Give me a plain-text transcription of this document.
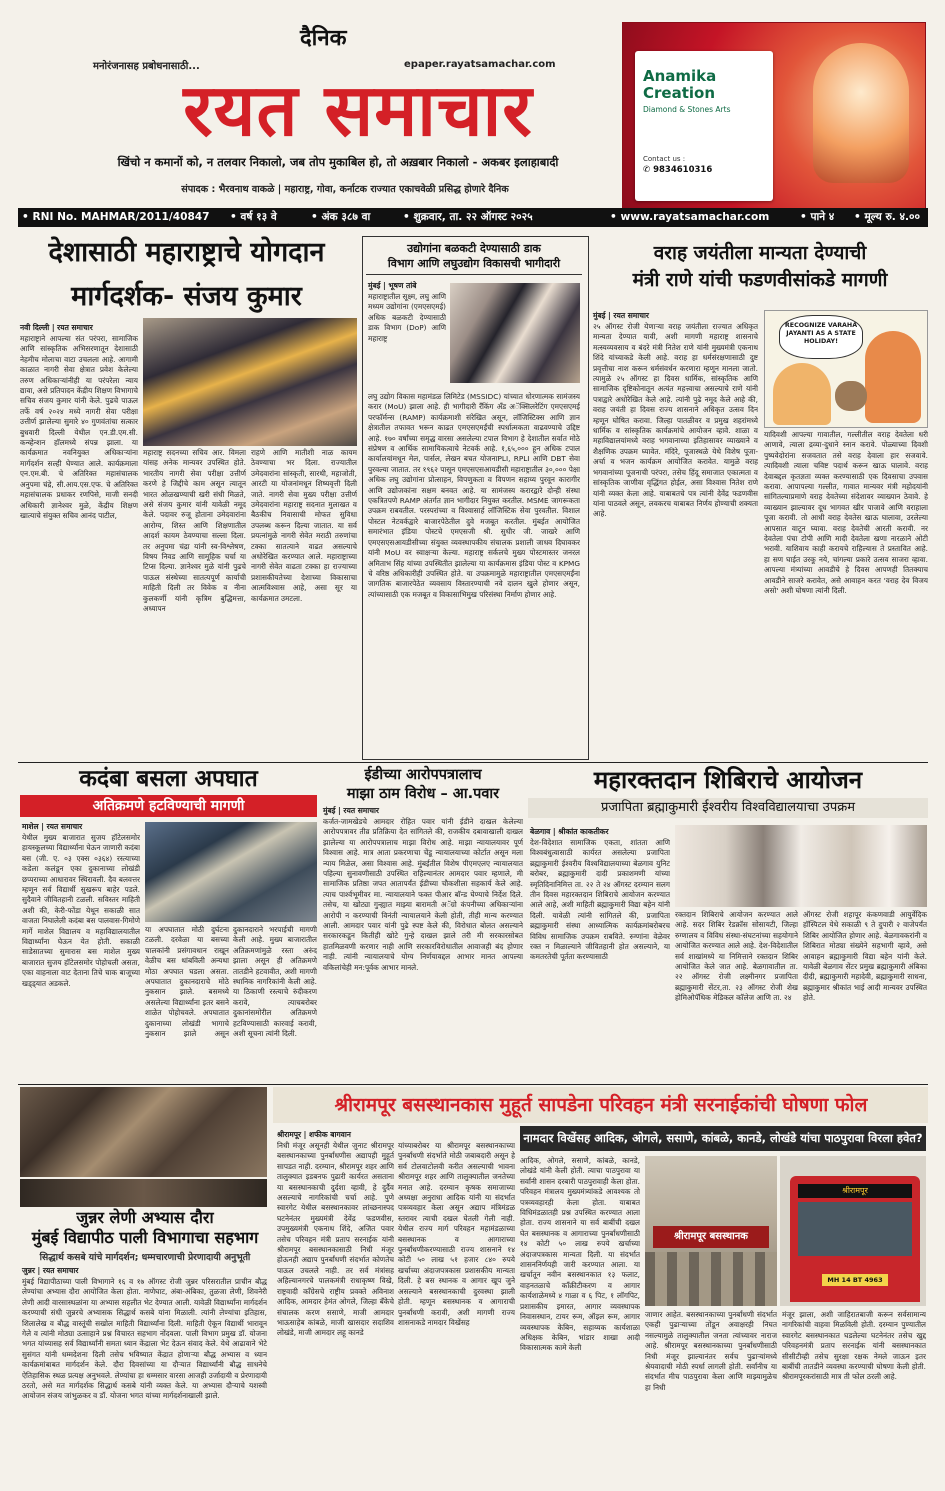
दैनिक
मनोरंजनासह प्रबोधनासाठी...	epaper.rayatsamachar.com
रयत समाचार
खिंचो न कमानों को, न तलवार निकालो, जब तोप मुकाबिल हो, तो अख़बार निकालो - अकबर इलाहाबादी
संपादक : भैरवनाथ वाकळे | महाराष्ट्र, गोवा, कर्नाटक राज्यात एकाचवेळी प्रसिद्ध होणारे दैनिक
Anamika Creation
Diamond & Stones Arts
Contact us :
✆ 9834610316
• RNI No. MAHMAR/2011/40847 • वर्ष १३ वे	• अंक ३८७ वा	• शुक्रवार, ता. २२ ऑगस्ट २०२५	• www.rayatsamachar.com	• पाने ४ • मूल्य रु. ४.००
देशासाठी महाराष्ट्राचे योगदान
मार्गदर्शक- संजय कुमार
नवी दिल्ली | रयत समाचार
महाराष्ट्राने आपल्या संत परंपरा, सामाजिक आणि सांस्कृतिक अभिसरणातून देशासाठी नेहमीच मोलाचा वाटा उचलला आहे. आगामी काळात नागरी सेवा क्षेत्रात प्रवेश केलेल्या तरुण अधिकाऱ्यांनीही या परंपरेला न्याय द्यावा, असे प्रतिपादन केंद्रीय शिक्षण विभागाचे सचिव संजय कुमार यांनी केले. पुढचे पाऊल तर्फे वर्ष २०२४ मध्ये नागरी सेवा परीक्षा उत्तीर्ण झालेल्या सुमारे ४० गुणवंतांचा सत्कार बुधवारी दिल्ली येथील एन.डी.एम.सी. कन्व्हेन्शन हॉलमध्ये संपन्न झाला. या कार्यक्रमात नवनियुक्त अधिकाऱ्यांना मार्गदर्शन सल्ही घेण्यात आले. कार्यक्रमाला एन.एम.बी. चे अतिरिक्त महासंचालक अनुपमा चंद्रे, सी.आय.एस.एफ. चे अतिरिक्त महासंचालक प्रधाकर रणपिसे, माजी सनदी अधिकारी ज्ञानेश्वर मुळे, केंद्रीय शिक्षण खात्याचे संयुक्त सचिव आनंद पाटील,
महाराष्ट्र सदनच्या सचिव आर. विमला यांसह अनेक मान्यवर उपस्थित होते. भारतीय नागरी सेवा परीक्षा उत्तीर्ण करणे हे जिद्दीचे काम असून त्यातून भारत ओळखण्याची खरी संधी मिळते, असे संजय कुमार यांनी यावेळी नमूद केले. पदावर रुजू होताना उमेदवारांना आरोग्य, शिस्त आणि शिक्षणातील आदर्श कायम ठेवण्याचा सल्ला दिला. तर अनुपमा चंद्रा यांनी स्व-विश्लेषण, विषय निवड आणि सामूहिक चर्चा या टिप्स दिल्या. ज्ञानेश्वर मुळे यांनी पुढचे पाऊल संस्थेच्या सातत्यपूर्ण कार्याची माहिती दिली तर विवेक व नीना कुलकर्णी यांनी कृत्रिम बुद्धिमत्ता, अध्यापन
राहणे आणि मातीशी नाळ कायम ठेवण्याचा भर दिला. राज्यातील उमेदवारांना सांस्कृती, सारथी, महाजोती, आरटी या योजनांमधून शिष्यवृत्ती दिली जाते. नागरी सेवा मुख्य परीक्षा उत्तीर्ण उमेदवारांना महाराष्ट्र सदनात मुलाखत व बैठकीच निवासाची मोफत सुविधा उपलब्ध करून दिल्या जातात. या सर्व प्रयत्नांमुळे नागरी सेवेत मराठी तरुणांचा टक्का सातत्याने वाढत असल्याचे अधोरेखित करण्यात आले. महाराष्ट्राच्या नागरी सेवेत वाढता टक्का हा राज्याच्या प्रशासकीयतेच्या देशाच्या विकासाचा आत्मविश्वास आहे, असा सूर या कार्यक्रमात उमटला.
उद्योगांना बळकटी देण्यासाठी डाक
विभाग आणि लघुउद्योग विकासची भागीदारी
मुंबई | भूषण तांबे
महाराष्ट्रातील सूक्ष्म, लघु आणि मध्यम उद्योगांना (एमएसएमई) अधिक बळकटी देण्यासाठी डाक विभाग (DoP) आणि महाराष्ट्र
लघु उद्योग विकास महामंडळ लिमिटेड (MSSIDC) यांच्यात धोरणात्मक सामंजस्य करार (MoU) झाला आहे. ही भागीदारी रँकिंग अँड अॅक्सिलरेटिंग एमएसएमई परफॉर्मन्स (RAMP) कार्यक्रमाशी संरेखित असून, लॉजिस्टिक्स आणि ज्ञान क्षेत्रातील तफावत भरून काढत एमएसएमईंची स्पर्धात्मकता वाढवण्याचे उद्दिष्ट आहे. १७० वर्षांच्या समृद्ध वारसा असलेल्या टपाल विभाग हे देशातील सर्वात मोठे संप्रेषण व आर्थिक सामायिकत्वाचे नेटवर्क आहे. १,६५,००० हून अधिक टपाल कार्यालयांमधून मेल, पार्सल, लेखन बचत योजनाPLI, RPLI आणि DBT सेवा पुरवल्या जातात. तर १९६२ पासून एमएसएसआयडीसी महाराष्ट्रातील ३०,००० पेक्षा अधिक लघु उद्योगांना प्रोत्साहन, विपणुकता व विपणन सहाय्य पुरवून कारागीर आणि उद्योजकांना सक्षम बनवत आहे. या सामंजस्य करारद्वारे दोन्ही संस्था एकत्रितपणे RAMP अंतर्गत ज्ञान भागीदार नियुक्त करतील. MSME जागरूकता उपक्रम राबवतील. परस्परांच्या व विश्वासार्ह लॉजिस्टिक सेवा पुरवतील. विशाल पोस्टल नेटवर्कद्वारे बाजारपेठेतील दुवे मजबूत करतील. मुंबईत आयोजित समारंभात इंडिया पोस्टचे एमएसजी श्री. सुधीर जी. जाखरे आणि एमएसएसआयडीसीच्या संयुक्त व्यवस्थापकीय संचालक प्रशाली जाधव दिघावकर यांनी MoU वर स्वाक्षऱ्या केल्या. महाराष्ट्र सर्कलचे मुख्य पोस्टमास्तर जनरल अमिताभ सिंह यांच्या उपस्थितीत झालेल्या या कार्यक्रमास इंडिया पोस्ट व KPMG चे वरिष्ठ अधिकारीही उपस्थित होते. या उपक्रमामुळे महाराष्ट्रातील एमएसएमईंना जागतिक बाजारपेठेत व्यवसाय विस्तारण्याची नवे दालन खुले होणार असून, त्यांच्यासाठी एक मजबूत व विकासाभिमुख परिसंस्था निर्माण होणार आहे.
वराह जयंतीला मान्यता देण्याची
मंत्री राणे यांची फडणवीसांकडे मागणी
मुंबई | रयत समाचार
२५ ऑगस्ट रोजी येणाऱ्या वराह जयंतीला राज्यात अधिकृत मान्यता देण्यात यावी, अशी मागणी महाराष्ट्र शासनाचे मत्स्यव्यवसाय व बंदरे मंत्री नितेश राणे यांनी मुख्यमंत्री एकनाथ शिंदे यांच्याकडे केली आहे. वराह हा धर्मसंरक्षणासाठी दुष्ट प्रवृत्तीचा नाश करून धर्मसंवर्धन करणारा म्हणून मानला जातो. त्यामुळे २५ ऑगस्ट हा दिवस धार्मिक, सांस्कृतिक आणि सामाजिक दृष्टिकोनातून अत्यंत महत्त्वाचा असल्याचे राणे यांनी पत्राद्वारे अधोरेखित केले आहे. त्यांनी पुढे नमूद केले आहे की, वराह जयंती हा दिवस राज्य शासनाने अधिकृत उत्सव दिन म्हणून घोषित करावा. जिल्हा पातळीवर व प्रमुख शहरांमध्ये धार्मिक व सांस्कृतिक कार्यक्रमांचे आयोजन व्हावे. शाळा व महाविद्यालयांमध्ये वराह भगवानाच्या इतिहासावर व्याख्याने व शैक्षणिक उपक्रम घ्यावेत. मंदिरे, पूजास्थळे येथे विशेष पूजा-अर्चा व भजन कार्यक्रम आयोजित करावेत. यामुळे वराह भगवानांच्या पूजनाची परंपरा, तसेच हिंदू समाजात एकात्मता व सांस्कृतिक जाणीवा वृद्धिंगत होईल, असा विश्वास नितेश राणे यांनी व्यक्त केला आहे. याबाबतचे पत्र त्यांनी देवेंद्र फडणवीस यांना पाठवले असून, लवकरच याबाबत निर्णय होण्याची शक्यता आहे.
RECOGNIZE VARAHA JAYANTI AS A STATE HOLIDAY!
यादिवशी आपल्या गावातील, गल्लीतील वराह देवतेला धरी आणावे, त्याला द्रव्या-दुधाने स्नान करावे. पोळ्याच्या दिवशी पुष्पवेदोरांना सजवतात तसे वराह देवाला हार सजवावे. त्यादिवशी त्याला चविष्ट पदार्थ करून खाऊ घालावे. वराह देवाबद्दल कृतज्ञता व्यक्त करण्यासाठी एक दिवसाचा उपवास करावा. आपापल्या गल्लीत, गावात मान्यवर मंत्री महोदयांनी सांगितल्याप्रमाणे वराह देवतेच्या संदेशावर व्याख्यान ठेवावे. हे व्याख्यान झाल्यावर दूध भागवत खीर पाजावे आणि वराहाला पूजा करावी. तो आधी वराह देवतेस खाऊ घालावा, उरलेल्या आपसात वाटून घ्यावा. वराह देवतेची आरती करावी. नर देवतेला पंचा टोपी आणि मादी देवतेला खणा नारळाने ओटी भरावी. याशिवाय काही करायचे राहिल्यास ते प्रस्तावित आहे. हा सण घाईत उरकू नये, चांगल्या प्रकारे उत्सव साजरा व्हावा. आपल्या मंत्र्यांच्या आवडीचे हे दिवस आपणही तितक्याच आवडीने साजरे करावेत, असे आवाहन करत 'वराह देव विजय असो' अशी घोषणा त्यांनी दिली.
कदंबा बसला अपघात
अतिक्रमणे हटविण्याची मागणी
माशेल | रयत समाचार
येथील मुख्य बाजारात सुजय हॉटेलसमोर हायस्कूलच्या विद्यार्थ्यांना घेऊन जाणारी कदंबा बस (जी. ए. ०३ एक्स ०३६४) रस्त्याच्या कडेला कलंडून एका दुकानाच्या लोखंडी छप्पराच्या आधारावर स्थिरावली. दैव बलवत्तर म्हणून सर्व विद्यार्थी सुखरूप बाहेर पडले. सुदैवाने जीवितहानी टळली. सविस्तर माहिती अशी की, केरी-फोंडा येथून सकाळी सात वाजता निघालेली कदंबा बस पालवास-गिमोणे मार्गे माशेल विद्यालय व महाविद्यालयातील विद्यार्थ्यांना घेऊन येत होती. सकाळी साडेसातच्या सुमारास बस माशेल मुख्य बाजारात सुजय हॉटेलसमोर पोहोचली असता, एका वाहनाला वाट देताना तिचे चाक बाजूच्या खड्ड्यात अडकले.
या अपघातात मोठी दुर्घटना टळली. दरवेळा या बसच्या चालकांनी प्रसंगावधान राखून वेळीच बस थांबविली अन्यथा मोठा अपघात घडला असता. अपघातात दुकानदाराचे मोठे नुकसान झाले. बसमध्ये असलेल्या विद्यार्थ्यांना इतर बसने शाळेत पोहोचवले. अपघातात दुकानाच्या लोखंडी भागाचे नुकसान झाले असून दुकानदाराने भरपाईची मागणी केली आहे. मुख्य बाजारातील अतिक्रमणांमुळे रस्ता अरुंद झाला असून ही अतिक्रमणे तातडीने हटवावीत, अशी मागणी स्थानिक नागरिकांनी केली आहे. या ठिकाणी रस्त्याचे रुंदीकरण करावे, त्याचबरोबर दुकानांसमोरील अतिक्रमणे हटविण्यासाठी कारवाई करावी, अशी सूचना त्यांनी दिली.
ईडीच्या आरोपपत्रालाच
माझा ठाम विरोध – आ.पवार
मुंबई | रयत समाचार
कर्जत-जामखेडचे आमदार रोहित पवार यांनी ईडीने दाखल केलेल्या आरोपपत्रावर तीव्र प्रतिक्रिया देत सांगितले की, राजकीय दबावाखाली दाखल झालेल्या या आरोपपत्रालाच माझा विरोध आहे. माझा न्यायालयावर पूर्ण विश्वास आहे. मात्र आता प्रकरणाचा चेंडू न्यायालयाच्या कोर्टात असून मला न्याय मिळेल, असा विश्वास आहे. मुंबईतील विशेष पीएमएलए न्यायालयात पहिल्या सुनावणीसाठी उपस्थित राहिल्यानंतर आमदार पवार म्हणाले, मी सामाजिक प्रतिष्ठा जपत आतापर्यंत ईडीच्या चौकशीला सहकार्य केले आहे. त्याच पार्श्वभूमीवर मा. न्यायालयाने फक्त पीआर बॉन्ड घेण्याचे निर्देश दिले. तसेच, या खोट्या गुन्ह्यात माझ्या बारामती अॅग्रो कंपनीच्या अधिकाऱ्यांना आरोपी न करण्याची विनंती न्यायालयाने केली होती, तीही मान्य करण्यात आली. आमदार पवार यांनी पुढे स्पष्ट केले की, विरोधात बोलत असल्याने सरकारकडून कितीही खोटे गुन्हे दाखल झाले तरी मी सरकारसोबत हातमिळवणी करणार नाही आणि सरकारविरोधातील आवाजही बंद होणार नाही. त्यांनी न्यायालयाचे योग्य निर्णयावद्दल आभार मानत आपल्या वकिलांचेही मन:पूर्वक आभार मानले.
महारक्तदान शिबिराचे आयोजन
प्रजापिता ब्रह्माकुमारी ईश्वरीय विश्वविद्यालयाचा उपक्रम
बेळगाव | श्रीकांत काकतीकर
देश-विदेशात सामाजिक एकता, शांतता आणि विश्वबंधुत्वासाठी कार्यरत असलेल्या प्रजापिता ब्रह्माकुमारी ईश्वरीय विश्वविद्यालयाच्या बेळगाव युनिट बरोबर, ब्रह्माकुमारी दादी प्रकाशमणी यांच्या स्मृतिदिनानिमित्त ता. २२ ते २४ ऑगस्ट दरम्यान सलग तीन दिवस महारक्तदान शिबिराचे आयोजन करण्यात आले आहे, अशी माहिती ब्रह्माकुमारी विद्या बहेन यांनी दिली. यावेळी त्यांनी सांगितले की, प्रजापिता ब्रह्माकुमारी संस्था आध्यात्मिक कार्यक्रमांबरोबरच विविध सामाजिक उपक्रम राबविते. रुग्णांना वेळेवर रक्त न मिळाल्याने जीवितहानी होत असल्याने, या कमतरतेची पूर्तता करण्यासाठी
रक्तदान शिबिराचे आयोजन करण्यात आले आहे. सदर शिबिर रेडक्रॉस सोसायटी, जिल्हा रुग्णालय व विविध संस्था-संघटनांच्या सहयोगाने आयोजित करण्यात आले आहे. देश-विदेशातील सर्व शाखांमध्ये या निमित्ताने रक्तदान शिबिर आयोजित केले जात आहे. बेळगावातील ता. २२ ऑगस्ट रोजी लक्ष्मीनगर प्रजापिता ब्रह्माकुमारी सेंटर,ता. २३ ऑगस्ट रोजी शेख होमिओपॅथिक मेडिकल कॉलेज आणि ता. २४
ऑगस्ट रोजी शहापूर कंकणवाडी आयुर्वेदिक हॉस्पिटल येथे सकाळी ९ ते दुपारी २ वाजेपर्यंत शिबिर आयोजित होणार आहे. बेळगावकरांनी व शिबिरात मोठ्या संख्येने सहभागी व्हावे, असे आवाहन ब्रह्माकुमारी विद्या बहेन यांनी केले. यावेळी बेळगाव सेंटर प्रमुख ब्रह्माकुमारी अंबिका दीदी, ब्रह्माकुमारी महादेवी, ब्रह्माकुमारी साधना, ब्रह्माकुमार श्रीकांत भाई आदी मान्यवर उपस्थित होते.
जुन्नर लेणी अभ्यास दौरा
मुंबई विद्यापीठ पाली विभागाचा सहभाग
सिद्धार्थ कसबे यांचे मार्गदर्शन; धम्मचारणाची प्रेरणादायी अनुभूती
जुन्नर | रयत समाचार
मुंबई विद्यापीठाच्या पाली विभागाने १६ व १७ ऑगस्ट रोजी जुन्नर परिसरातील प्राचीन बौद्ध लेण्यांचा अभ्यास दौरा आयोजित केला होता. नाणेघाट, अंबा-अंबिका, तुळजा लेणी, शिवनेरी लेणी आदी वारसास्थळांना या अभ्यास सहलीत भेट देण्यात आली. यावेळी विद्यार्थ्यांना मार्गदर्शन करण्याची संधी जुन्नरचे अभ्यासक सिद्धार्थ कसबे यांना मिळाली. त्यांनी लेण्यांचा इतिहास, शिलालेख व बौद्ध वास्तूंची सखोल माहिती विद्यार्थ्यांना दिली. माहिती ऐकून विद्यार्थी भारावून गेले व त्यांनी मोठ्या उत्साहाने प्रश्न विचारत सहभाग नोंदवला. पाली विभाग प्रमुख डॉ. योजना भगत यांच्यासह सर्व विद्यार्थ्यांनी समता ध्यान केंद्राला भेट देऊन संवाद केले. येथे आढावाने भेटे सुसंगत यांनी धम्मदेशना दिली तसेच भविष्यात केंद्रात होणाऱ्या बौद्ध अभ्यास व ध्यान कार्यक्रमांबाबत मार्गदर्शन केले. दौरा दिवसांच्या या दौऱ्यात विद्यार्थ्यांनी बौद्ध साधनेचे ऐतिहासिक स्थळ प्रत्यक्ष अनुभवले. लेण्यांचा हा धम्मसार वारसा आजही उर्जादायी व प्रेरणादायी ठरतो, असे मत मार्गदर्शक सिद्धार्थ कसबे यांनी व्यक्त केले. या अभ्यास दौऱ्याचे यशस्वी आयोजन संजय जांभुळकर व डॉ. योजना भगत यांच्या मार्गदर्शनाखाली झाले.
श्रीरामपूर बसस्थानकास मुहूर्त सापडेना परिवहन मंत्री सरनाईकांची घोषणा फोल
श्रीरामपूर | शफीक बागवान
निधी मंजूर असूनही येथील जुनाट श्रीरामपूर बसस्थानकाच्या पुनर्बांधणीस अद्यापही मुहूर्त सापडत नाही. दरम्यान, श्रीरामपूर शहर आणि तालुक्यात इडबनफ पुढारी कार्यरत असताना या बसस्थानकाची दुर्दशा व्हावी, हे दुर्दैव असल्याचे नागरिकांची चर्चा आहे. पुणे स्वारगेट येथील बसस्थानकावर लांच्छनास्पद घटनेनंतर मुख्यमंत्री देवेंद्र फडणवीस, उपमुख्यमंत्री एकनाथ शिंदे, अजित पवार तसेच परिवहन मंत्री प्रताप सरनाईक यांनी श्रीरामपूर बसस्थानकासाठी निधी मंजूर होऊनही अद्याप पुनर्बांधणी संदर्भात कोणतेच पाऊल उचलले नाही. तर सर्व मंत्रांसह अहिल्यानगरचे पालकमंत्री राधाकृष्ण विखे, राष्ट्रवादी काँग्रेसचे राष्ट्रीय प्रवक्ते अविनाश आदिक, आमदार हेमंत ओगले, जिल्हा बँकेचे संचालक करण ससाणे, माजी आमदार भाऊसाहेब कांबळे, माजी खासदार सदाशिव लोखंडे, माजी आमदार लहू कानडे
यांच्याबरोबर या श्रीरामपूर बसस्थानकाच्या पुनर्बांधणी संदर्भाते मोठी जबाबदारी असून हे सर्व टोलवाटोलवी करीत असल्याची भावना श्रीरामपूर शहर आणि तालुक्यातील जनतेच्या मनात आहे. दरम्यान कृषक समाजाच्या अध्यक्षा अनुराधा आदिक यांनी या संदर्भात पत्रव्यवहार केला असून अद्याप मंत्रिमंडळ स्तरावर त्याची दखल घेतली गेली नाही. येथील राज्य मार्ग परिवहन महामंडळाच्या बसस्थानक व आगाराच्या पुनर्बांधणीकरण्यासाठी राज्य शासनाने १४ कोटी ५० लाख ५१ हजार ८४० रुपये खर्चाच्या अंदाजपत्रकास प्रशासकीय मान्यता दिली. हे बस स्थानक व आगार खूप जुने असल्याने बसस्थानकाची दुरवस्था झाली होती. म्हणून बसस्थानक व आगाराची पुनर्बांधणी करावी, अशी मागणी राज्य शासनाकडे नामदार विखेंसह
नामदार विखेंसह आदिक, ओगले, ससाणे, कांबळे, कानडे, लोखंडे यांचा पाठपुरावा विरला हवेत?
आदिक, ओगले, ससाणे, कांबळे, कानडे, लोखंडे यांनी केली होती. त्याचा पाठपुरावा या सर्वांनी शासन दरबारी पाठपुरावाही केला होता. परिवहन मंत्रालय मुख्यमंत्र्यांकडे आवश्यक तो पत्रव्यवहारही केला होता. याबाबत विधिमंडळातही प्रश्न उपस्थित करण्यात आला होता. राज्य शासनाने या सर्व बाबींची दखल घेत बसस्थानक व आगाराच्या पुनर्बांधणीसाठी १४ कोटी ५० लाख रुपये खर्चाच्या अंदाजपत्रकास मान्यता दिली. या संदर्भात शासननिर्णयही जारी करण्यात आला. या खर्चातून नवीन बसस्थानकात १३ फलाट, वाहनतळाचे काँक्रीटीकरण व आगार कार्यशाळेमध्ये ४ गाळा व ६ पिट, १ लॉगपिट, प्रशासकीय इमारत, आगार व्यवस्थापक निवासस्थान, टायर रूम, ऑइल रूम, आगार व्यवस्थापक केबिन, सहाय्यक कार्यशाळा अधिक्षक केबिन, भांडार शाखा आदी विकासात्मक कामे केली
श्रीरामपूर बसस्थानक
श्रीरामपूर
MH 14 BT 4963
जाणार आहेत. बसस्थानकाच्या पुनर्बांधणी संदर्भात एकही पुढाऱ्याच्या तोंडून अवाक्षरही निघत नसल्यामुळे तालुक्यातील जनता त्यांच्यावर नाराज आहे. श्रीरामपूर बसस्थानकाच्या पुनर्बांधणीसाठी निधी मंजूर झाल्यानंतर सर्वच पुढाऱ्यांमध्ये श्रेयवादाची मोठी स्पर्धा लागली होती. सर्वांनीच या संदर्भात मीच पाठपुरावा केला आणि माझ्यामुळेच हा निधी
मंजूर झाला, अशी जाहिरातबाजी करून सर्वसामान्य नागरिकांची वाहवा मिळविली होती. दरम्यान पुण्यातील स्वारगेट बसस्थानकात घडलेल्या घटनेनंतर तसेच खुद्द परिवहनमंत्री प्रताप सरनाईक यांनी बसस्थानकात सीसीटीव्ही तसेच सुरक्षा रक्षक नेमले जाऊन इतर बाबींची तातडीने व्यवस्था करण्याची घोषणा केली होती. श्रीरामपूरकरांसाठी मात्र ती फोल ठरली आहे.
